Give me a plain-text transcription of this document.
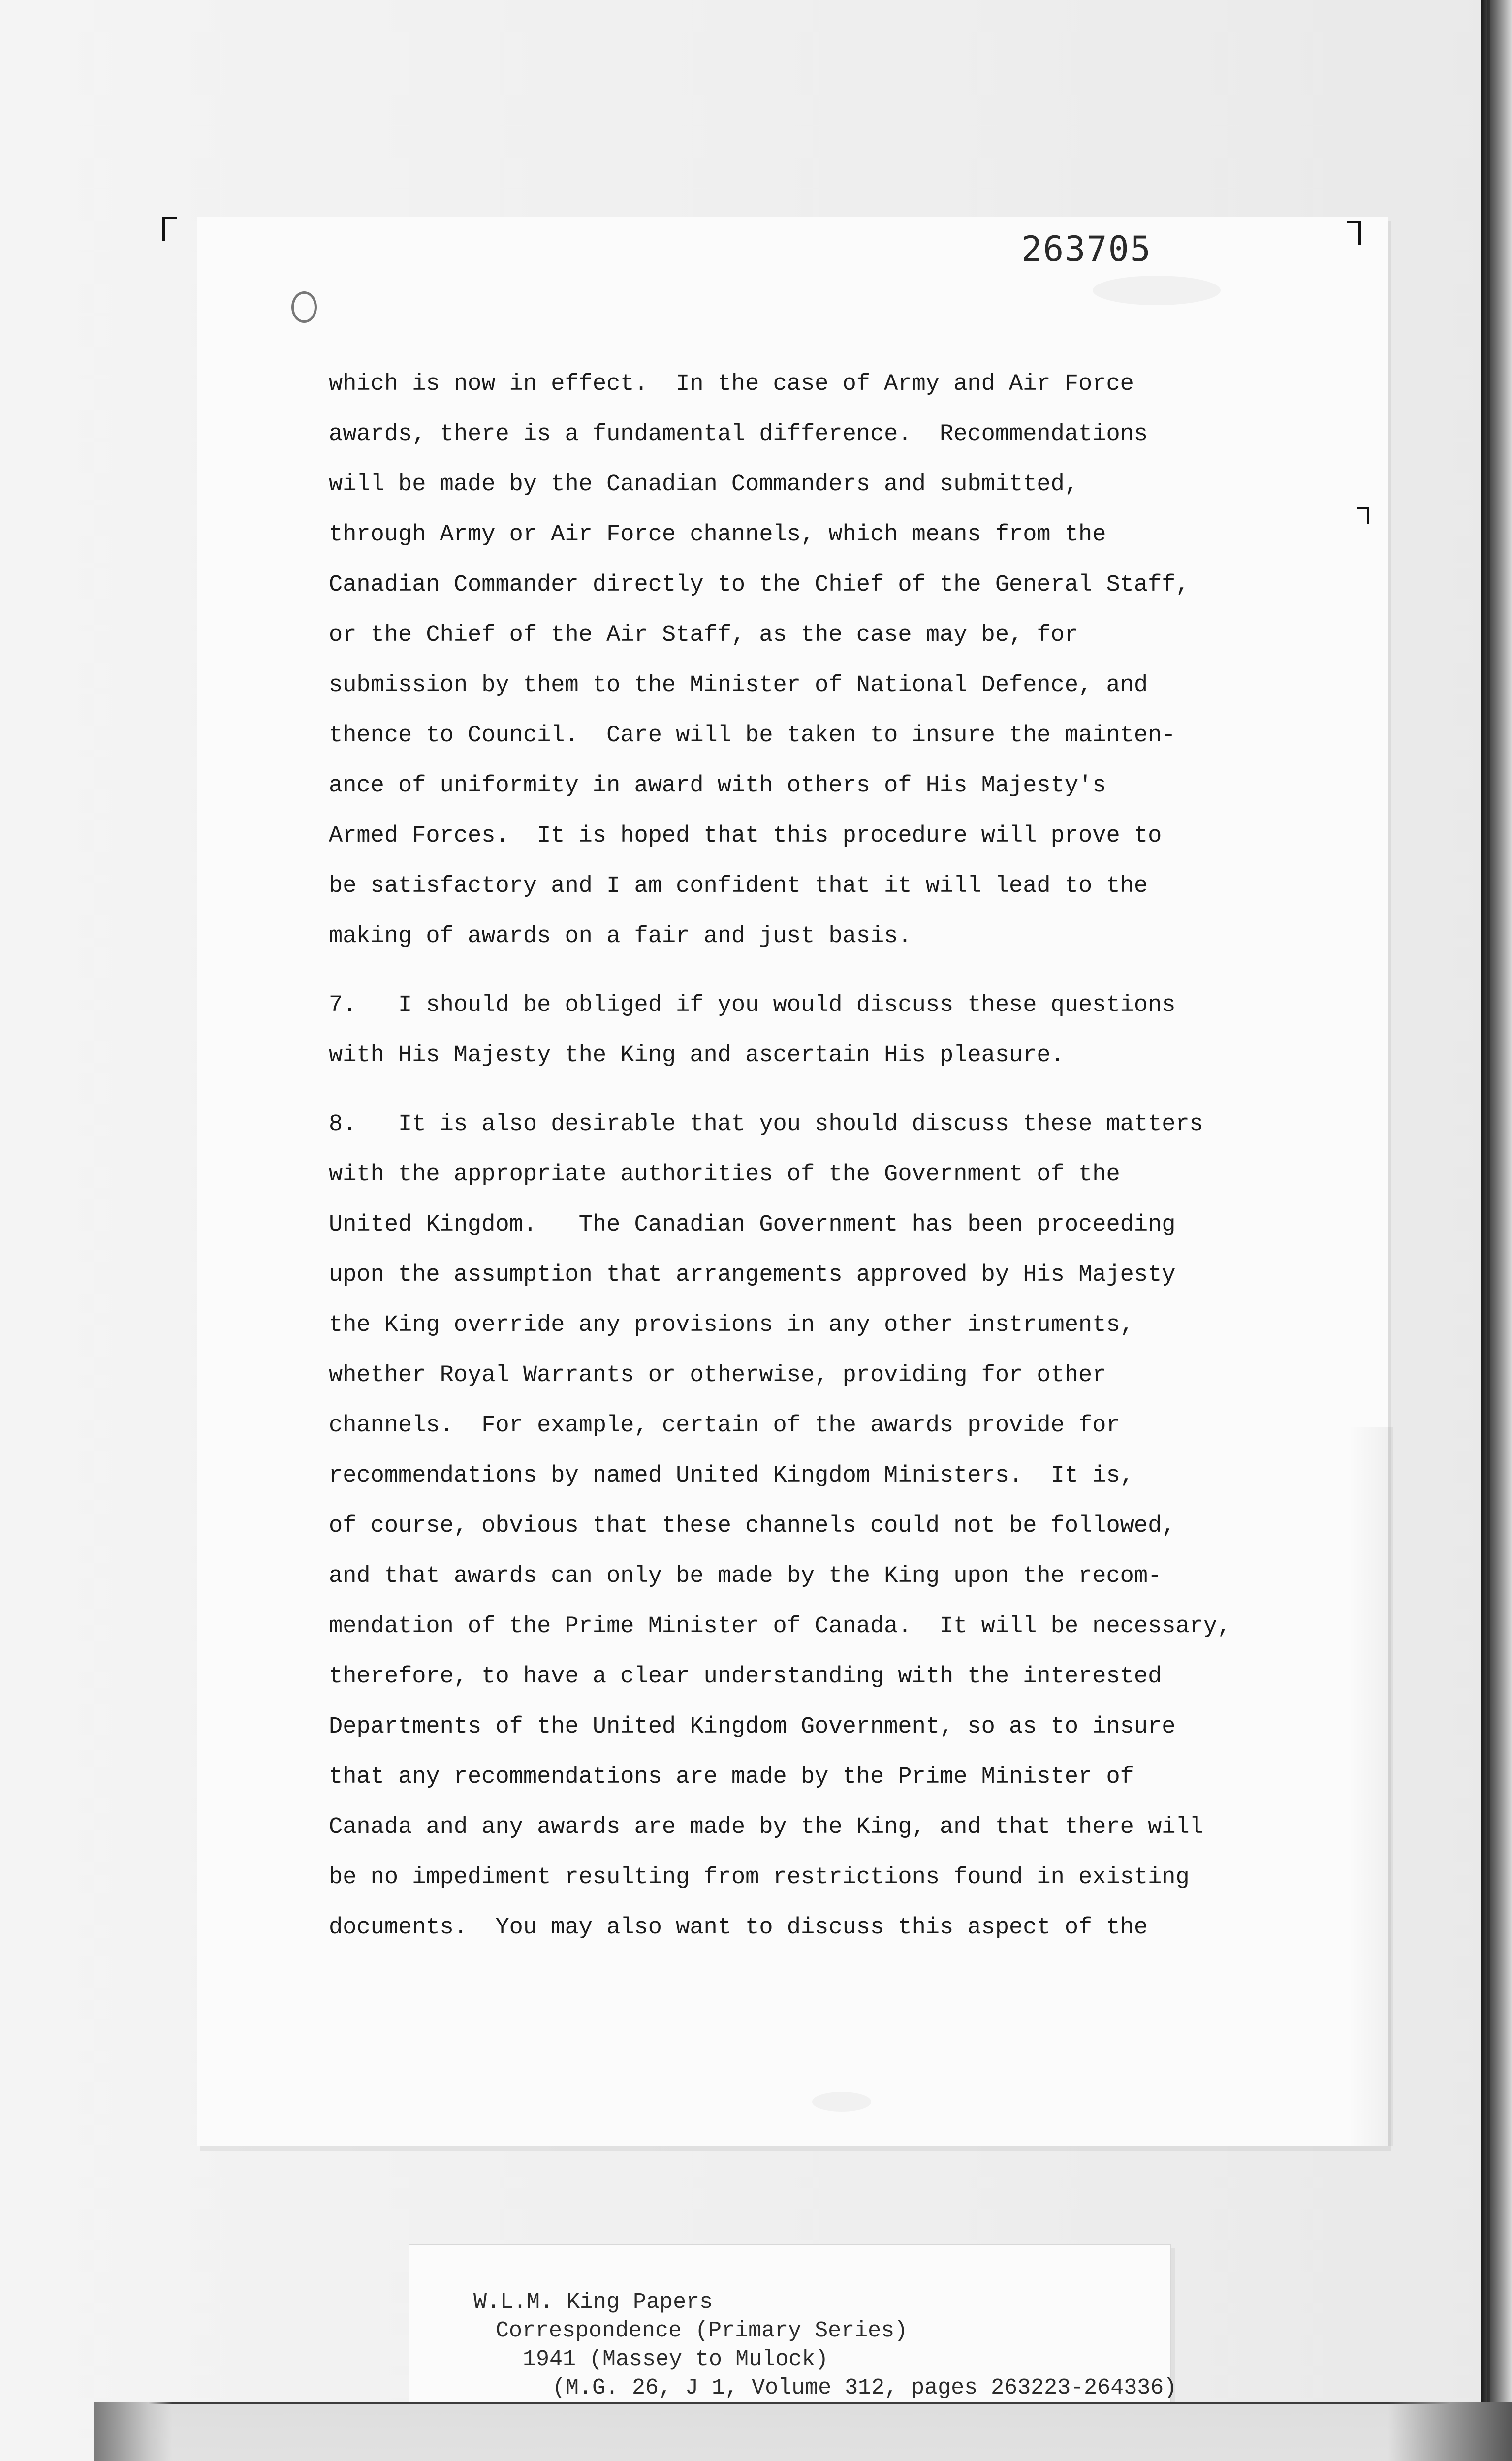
263705
which is now in effect.  In the case of Army and Air Force
awards, there is a fundamental difference.  Recommendations
will be made by the Canadian Commanders and submitted,
through Army or Air Force channels, which means from the
Canadian Commander directly to the Chief of the General Staff,
or the Chief of the Air Staff, as the case may be, for
submission by them to the Minister of National Defence, and
thence to Council.  Care will be taken to insure the mainten-
ance of uniformity in award with others of His Majesty's
Armed Forces.  It is hoped that this procedure will prove to
be satisfactory and I am confident that it will lead to the
making of awards on a fair and just basis.
7.   I should be obliged if you would discuss these questions
with His Majesty the King and ascertain His pleasure.
8.   It is also desirable that you should discuss these matters
with the appropriate authorities of the Government of the
United Kingdom.   The Canadian Government has been proceeding
upon the assumption that arrangements approved by His Majesty
the King override any provisions in any other instruments,
whether Royal Warrants or otherwise, providing for other
channels.  For example, certain of the awards provide for
recommendations by named United Kingdom Ministers.  It is,
of course, obvious that these channels could not be followed,
and that awards can only be made by the King upon the recom-
mendation of the Prime Minister of Canada.  It will be necessary,
therefore, to have a clear understanding with the interested
Departments of the United Kingdom Government, so as to insure
that any recommendations are made by the Prime Minister of
Canada and any awards are made by the King, and that there will
be no impediment resulting from restrictions found in existing
documents.  You may also want to discuss this aspect of the
W.L.M. King Papers
Correspondence (Primary Series)
1941 (Massey to Mulock)
(M.G. 26, J 1, Volume 312, pages 263223-264336)
